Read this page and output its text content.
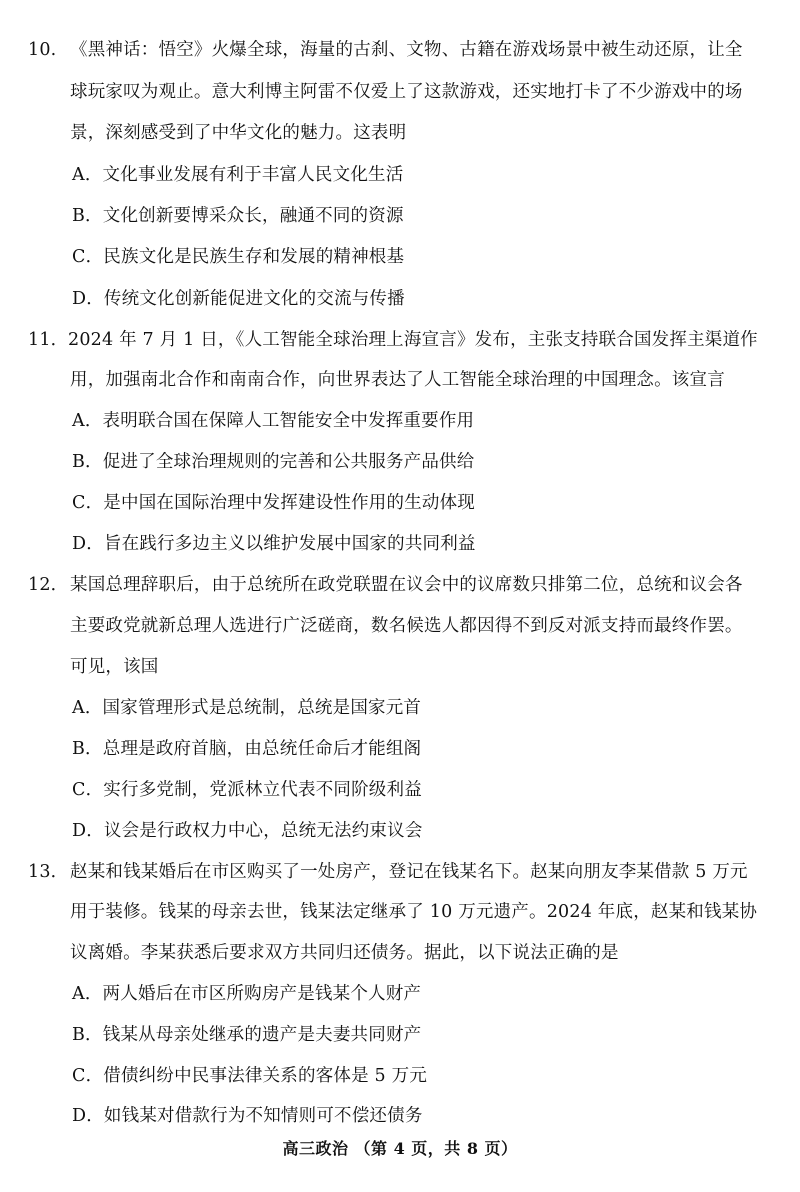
10. 《黑神话：悟空》火爆全球，海量的古刹、文物、古籍在游戏场景中被生动还原，让全
球玩家叹为观止。意大利博主阿雷不仅爱上了这款游戏，还实地打卡了不少游戏中的场
景，深刻感受到了中华文化的魅力。这表明
A．文化事业发展有利于丰富人民文化生活
B．文化创新要博采众长，融通不同的资源
C．民族文化是民族生存和发展的精神根基
D．传统文化创新能促进文化的交流与传播
11． 2024 年 7 月 1 日，《人工智能全球治理上海宣言》发布，主张支持联合国发挥主渠道作
用，加强南北合作和南南合作，向世界表达了人工智能全球治理的中国理念。该宣言
A．表明联合国在保障人工智能安全中发挥重要作用
B．促进了全球治理规则的完善和公共服务产品供给
C．是中国在国际治理中发挥建设性作用的生动体现
D．旨在践行多边主义以维护发展中国家的共同利益
12． 某国总理辞职后，由于总统所在政党联盟在议会中的议席数只排第二位，总统和议会各
主要政党就新总理人选进行广泛磋商，数名候选人都因得不到反对派支持而最终作罢。
可见，该国
A．国家管理形式是总统制，总统是国家元首
B．总理是政府首脑，由总统任命后才能组阁
C．实行多党制，党派林立代表不同阶级利益
D．议会是行政权力中心，总统无法约束议会
13． 赵某和钱某婚后在市区购买了一处房产，登记在钱某名下。赵某向朋友李某借款 5 万元
用于装修。钱某的母亲去世，钱某法定继承了 10 万元遗产。2024 年底，赵某和钱某协
议离婚。李某获悉后要求双方共同归还债务。据此，以下说法正确的是
A．两人婚后在市区所购房产是钱某个人财产
B．钱某从母亲处继承的遗产是夫妻共同财产
C．借债纠纷中民事法律关系的客体是 5 万元
D．如钱某对借款行为不知情则可不偿还债务
高三政治 （第 4 页，共 8 页）
